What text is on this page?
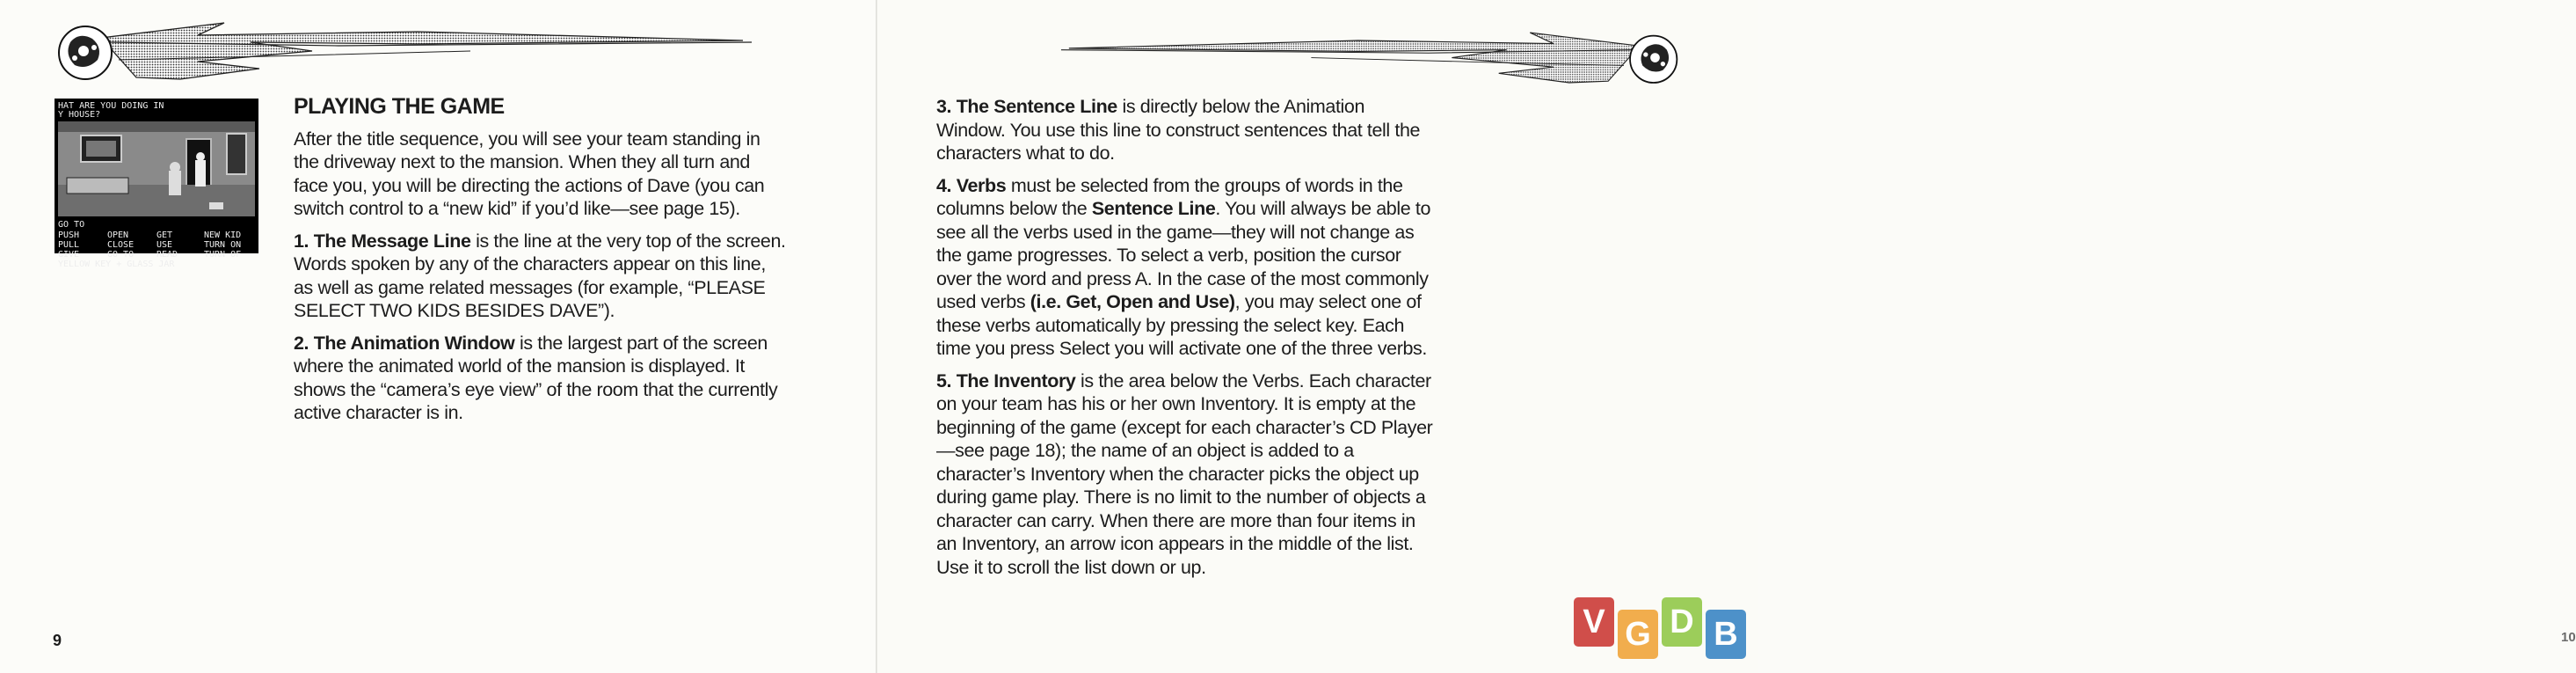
HAT ARE YOU DOING IN
Y HOUSE?
GO TO
PUSH	OPEN	GET	NEW KID
PULL	CLOSE	USE	TURN ON
GIVE	GO TO	READ	TURN OF
YELLOW KEY + GLASS JAR
PLAYING THE GAME

After the title sequence, you will see your team standing in the driveway next to the mansion. When they all turn and face you, you will be directing the actions of Dave (you can switch control to a “new kid” if you’d like—see page 15).

1. The Message Line is the line at the very top of the screen. Words spoken by any of the characters appear on this line, as well as game related messages (for example, “PLEASE SELECT TWO KIDS BESIDES DAVE”).

2. The Animation Window is the largest part of the screen where the animated world of the mansion is displayed. It shows the “camera’s eye view” of the room that the currently active character is in.

9

3. The Sentence Line is directly below the Animation Window. You use this line to construct sentences that tell the characters what to do.

4. Verbs must be selected from the groups of words in the columns below the Sentence Line. You will always be able to see all the verbs used in the game—they will not change as the game progresses. To select a verb, position the cursor over the word and press A. In the case of the most commonly used verbs (i.e. Get, Open and Use), you may select one of these verbs automatically by pressing the select key. Each time you press Select you will activate one of the three verbs.

5. The Inventory is the area below the Verbs. Each character on your team has his or her own Inventory. It is empty at the beginning of the game (except for each character’s CD Player—see page 18); the name of an object is added to a character’s Inventory when the character picks the object up during game play. There is no limit to the number of objects a character can carry. When there are more than four items in an Inventory, an arrow icon appears in the middle of the list. Use it to scroll the list down or up.

10
V G D B
